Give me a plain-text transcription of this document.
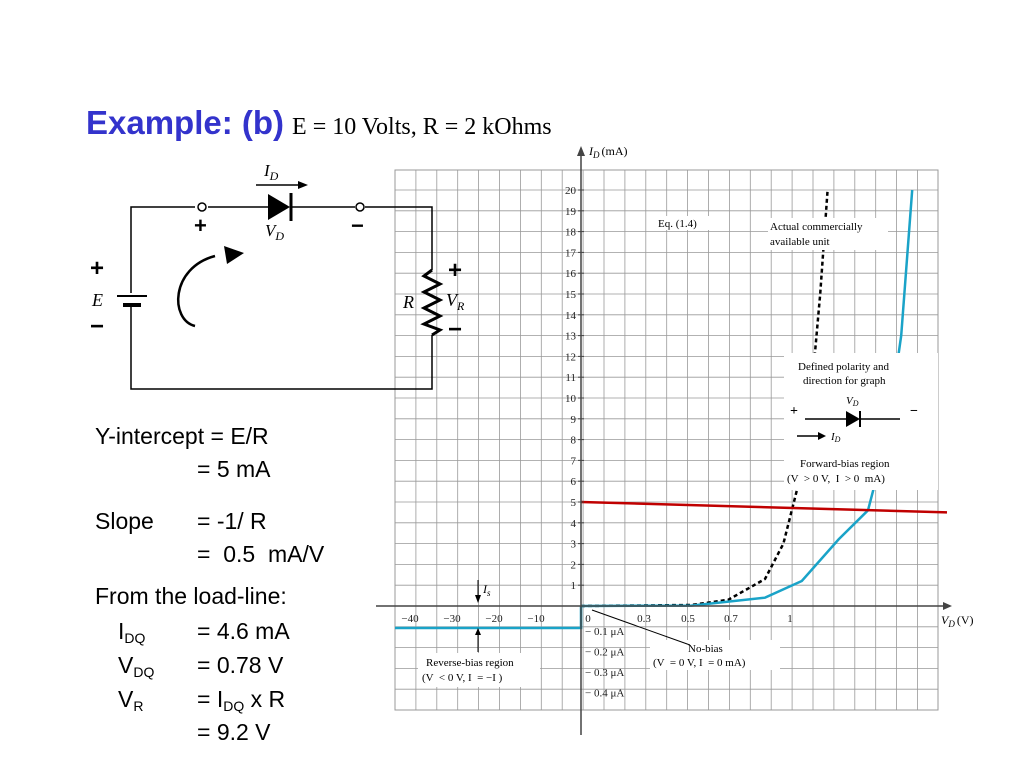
Example: (b) E = 10 Volts, R = 2 kOhms
20
19
18
17
16
15
14
13
12
11
10
9
8
7
6
5
4
3
2
1
−40 −30 −20 −10	0	0.3	0.5	0.7	1
− 0.1 μA
− 0.2 μA
− 0.3 μA
− 0.4 μA
$I_D$ (mA)
$V_D$ (V)
Eq. (1.4)	Actual commercially
available unit
Defined polarity and
direction for graph
VD
+	−
ID
Forward-bias region
(V  > 0 V,  I  > 0  mA)
Reverse-bias region
(V  < 0 V, I  = −I )
No-bias
(V  = 0 V, I  = 0 mA)
$I_s$
$I_D$
$V_D$
+	−
+
E
−
R
+
$V_R$
−
Y-intercept = E/R
= 5 mA
Slope = -1/ R
=  0.5  mA/V
From the load-line:
$I_{DQ} = 4.6$ mA
$V_{DQ} = 0.78$ V
$V_R = I_{DQ}$ x R
= 9.2 V
